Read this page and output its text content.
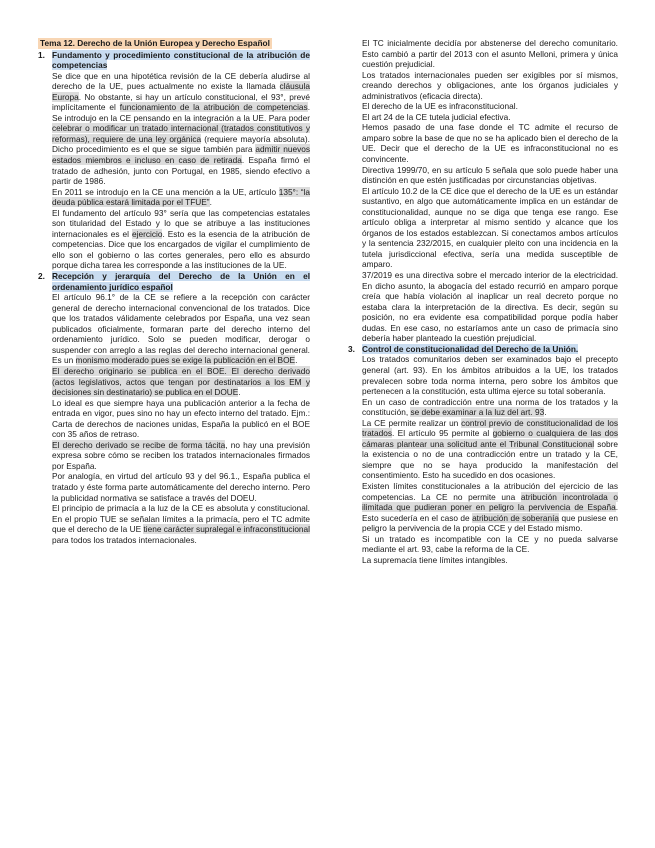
Tema 12. Derecho de la Unión Europea y Derecho Español
1. Fundamento y procedimiento constitucional de la atribución de competencias
Se dice que en una hipotética revisión de la CE debería aludirse al derecho de la UE, pues actualmente no existe la llamada cláusula Europa. No obstante, si hay un artículo constitucional, el 93°, prevé implícitamente el funcionamiento de la atribución de competencias. Se introdujo en la CE pensando en la integración a la UE. Para poder celebrar o modificar un tratado internacional (tratados constitutivos y reformas), requiere de una ley orgánica (requiere mayoría absoluta). Dicho procedimiento es el que se sigue también para admitir nuevos estados miembros e incluso en caso de retirada. España firmó el tratado de adhesión, junto con Portugal, en 1985, siendo efectivo a partir de 1986.
En 2011 se introdujo en la CE una mención a la UE, artículo 135°: “la deuda pública estará limitada por el TFUE”.
El fundamento del artículo 93° sería que las competencias estatales son titularidad del Estado y lo que se atribuye a las instituciones internacionales es el ejercicio. Esto es la esencia de la atribución de competencias. Dice que los encargados de vigilar el cumplimiento de ello son el gobierno o las cortes generales, pero ello es absurdo porque dicha tarea les corresponde a las instituciones de la UE.
2. Recepción y jerarquía del Derecho de la Unión en el ordenamiento jurídico español
El artículo 96.1° de la CE se refiere a la recepción con carácter general de derecho internacional convencional de los tratados. Dice que los tratados válidamente celebrados por España, una vez sean publicados oficialmente, formaran parte del derecho interno del ordenamiento jurídico. Solo se pueden modificar, derogar o suspender con arreglo a las reglas del derecho internacional general. Es un monismo moderado pues se exige la publicación en el BOE.
El derecho originario se publica en el BOE. El derecho derivado (actos legislativos, actos que tengan por destinatarios a los EM y decisiones sin destinatario) se publica en el DOUE.
Lo ideal es que siempre haya una publicación anterior a la fecha de entrada en vigor, pues sino no hay un efecto interno del tratado. Ejm.: Carta de derechos de naciones unidas, España la publicó en el BOE con 35 años de retraso.
El derecho derivado se recibe de forma tácita, no hay una previsión expresa sobre cómo se reciben los tratados internacionales firmados por España.
Por analogía, en virtud del artículo 93 y del 96.1., España publica el tratado y éste forma parte automáticamente del derecho interno. Pero la publicidad normativa se satisface a través del DOEU.
El principio de primacía a la luz de la CE es absoluta y constitucional. En el propio TUE se señalan límites a la primacía, pero el TC admite que el derecho de la UE tiene carácter supralegal e infraconstitucional para todos los tratados internacionales.
El TC inicialmente decidía por abstenerse del derecho comunitario. Esto cambió a partir del 2013 con el asunto Melloni, primera y única cuestión prejudicial.
Los tratados internacionales pueden ser exigibles por sí mismos, creando derechos y obligaciones, ante los órganos judiciales y administrativos (eficacia directa).
El derecho de la UE es infraconstitucional.
El art 24 de la CE tutela judicial efectiva.
Hemos pasado de una fase donde el TC admite el recurso de amparo sobre la base de que no se ha aplicado bien el derecho de la UE. Decir que el derecho de la UE es infraconstitucional no es convincente.
Directiva 1999/70, en su artículo 5 señala que solo puede haber una distinción en que estén justificadas por circunstancias objetivas.
El artículo 10.2 de la CE dice que el derecho de la UE es un estándar sustantivo, en algo que automáticamente implica en un estándar de constitucionalidad, aunque no se diga que tenga ese rango. Ese artículo obliga a interpretar al mismo sentido y alcance que los órganos de los estados establezcan. Si conectamos ambos artículos y la sentencia 232/2015, en cualquier pleito con una incidencia en la tutela jurisdiccional efectiva, sería una medida susceptible de amparo.
37/2019 es una directiva sobre el mercado interior de la electricidad. En dicho asunto, la abogacía del estado recurrió en amparo porque creía que había violación al inaplicar un real decreto porque no estaba clara la interpretación de la directiva. Es decir, según su posición, no era evidente esa compatibilidad porque podía haber dudas. En ese caso, no estaríamos ante un caso de primacía sino debería haber planteado la cuestión prejudicial.
3. Control de constitucionalidad del Derecho de la Unión.
Los tratados comunitarios deben ser examinados bajo el precepto general (art. 93). En los ámbitos atribuidos a la UE, los tratados prevalecen sobre toda norma interna, pero sobre los ámbitos que pertenecen a la constitución, esta ultima ejerce su total soberanía.
En un caso de contradicción entre una norma de los tratados y la constitución, se debe examinar a la luz del art. 93.
La CE permite realizar un control previo de constitucionalidad de los tratados. El artículo 95 permite al gobierno o cualquiera de las dos cámaras plantear una solicitud ante el Tribunal Constitucional sobre la existencia o no de una contradicción entre un tratado y la CE, siempre que no se haya producido la manifestación del consentimiento. Esto ha sucedido en dos ocasiones.
Existen límites constitucionales a la atribución del ejercicio de las competencias. La CE no permite una atribución incontrolada o ilimitada que pudieran poner en peligro la pervivencia de España. Esto sucedería en el caso de atribución de soberanía que pusiese en peligro la pervivencia de la propia CCE y del Estado mismo.
Si un tratado es incompatible con la CE y no pueda salvarse mediante el art. 93, cabe la reforma de la CE.
La supremacía tiene límites intangibles.
